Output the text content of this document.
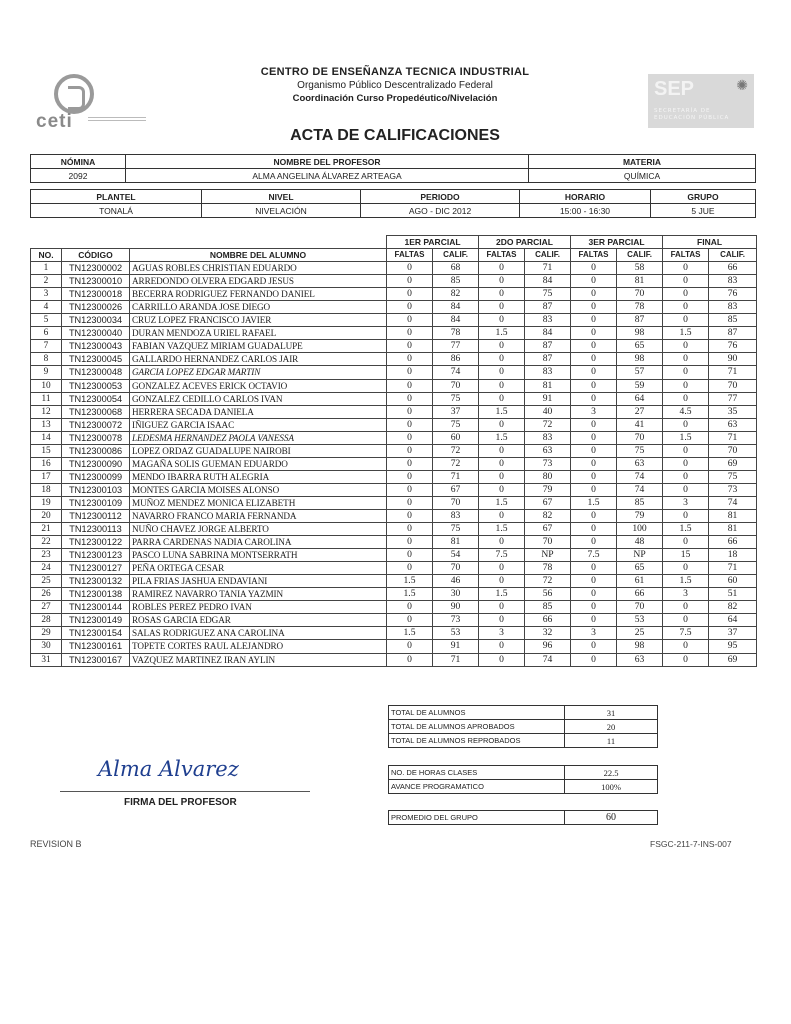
ceti
CENTRO DE ENSEÑANZA TECNICA INDUSTRIAL
Organismo Público Descentralizado Federal
Coordinación Curso Propedéutico/Nivelación	SEP	✺
SECRETARÍA DE EDUCACIÓN PÚBLICA
ACTA DE CALIFICACIONES
NÓMINA	NOMBRE DEL PROFESOR	MATERIA
2092	ALMA ANGELINA ÁLVAREZ ARTEAGA	QUÍMICA
PLANTEL	NIVEL	PERIODO	HORARIO	GRUPO
TONALÁ	NIVELACIÓN	AGO - DIC 2012	15:00 - 16:30	5 JUE
			1ER PARCIAL		2DO PARCIAL		3ER PARCIAL		FINAL	
NO.	CÓDIGO	NOMBRE DEL ALUMNO	FALTAS	CALIF.	FALTAS	CALIF.	FALTAS	CALIF.	FALTAS	CALIF.
1	TN12300002	AGUAS ROBLES CHRISTIAN EDUARDO	0	68	0	71	0	58	0	66
2	TN12300010	ARREDONDO OLVERA EDGARD JESUS	0	85	0	84	0	81	0	83
3	TN12300018	BECERRA RODRIGUEZ FERNANDO DANIEL	0	82	0	75	0	70	0	76
4	TN12300026	CARRILLO ARANDA JOSE DIEGO	0	84	0	87	0	78	0	83
5	TN12300034	CRUZ LOPEZ FRANCISCO JAVIER	0	84	0	83	0	87	0	85
6	TN12300040	DURAN MENDOZA URIEL RAFAEL	0	78	1.5	84	0	98	1.5	87
7	TN12300043	FABIAN VAZQUEZ MIRIAM GUADALUPE	0	77	0	87	0	65	0	76
8	TN12300045	GALLARDO HERNANDEZ CARLOS JAIR	0	86	0	87	0	98	0	90
9	TN12300048	GARCIA LOPEZ EDGAR MARTIN	0	74	0	83	0	57	0	71
10	TN12300053	GONZALEZ ACEVES ERICK OCTAVIO	0	70	0	81	0	59	0	70
11	TN12300054	GONZALEZ CEDILLO CARLOS IVAN	0	75	0	91	0	64	0	77
12	TN12300068	HERRERA SECADA DANIELA	0	37	1.5	40	3	27	4.5	35
13	TN12300072	IÑIGUEZ GARCIA ISAAC	0	75	0	72	0	41	0	63
14	TN12300078	LEDESMA HERNANDEZ PAOLA VANESSA	0	60	1.5	83	0	70	1.5	71
15	TN12300086	LOPEZ ORDAZ GUADALUPE NAIROBI	0	72	0	63	0	75	0	70
16	TN12300090	MAGAÑA SOLIS GUEMAN EDUARDO	0	72	0	73	0	63	0	69
17	TN12300099	MENDO IBARRA RUTH ALEGRIA	0	71	0	80	0	74	0	75
18	TN12300103	MONTES GARCIA MOISES ALONSO	0	67	0	79	0	74	0	73
19	TN12300109	MUÑOZ MENDEZ MONICA ELIZABETH	0	70	1.5	67	1.5	85	3	74
20	TN12300112	NAVARRO FRANCO MARIA FERNANDA	0	83	0	82	0	79	0	81
21	TN12300113	NUÑO CHAVEZ JORGE ALBERTO	0	75	1.5	67	0	100	1.5	81
22	TN12300122	PARRA CARDENAS NADIA CAROLINA	0	81	0	70	0	48	0	66
23	TN12300123	PASCO LUNA SABRINA MONTSERRATH	0	54	7.5	NP	7.5	NP	15	18
24	TN12300127	PEÑA ORTEGA CESAR	0	70	0	78	0	65	0	71
25	TN12300132	PILA FRIAS JASHUA ENDAVIANI	1.5	46	0	72	0	61	1.5	60
26	TN12300138	RAMIREZ NAVARRO TANIA YAZMIN	1.5	30	1.5	56	0	66	3	51
27	TN12300144	ROBLES PEREZ PEDRO IVAN	0	90	0	85	0	70	0	82
28	TN12300149	ROSAS GARCIA EDGAR	0	73	0	66	0	53	0	64
29	TN12300154	SALAS RODRIGUEZ ANA CAROLINA	1.5	53	3	32	3	25	7.5	37
30	TN12300161	TOPETE CORTES RAUL ALEJANDRO	0	91	0	96	0	98	0	95
31	TN12300167	VAZQUEZ MARTINEZ IRAN AYLIN	0	71	0	74	0	63	0	69
TOTAL DE ALUMNOS	31
TOTAL DE ALUMNOS APROBADOS	20
TOTAL DE ALUMNOS REPROBADOS	11
NO. DE HORAS CLASES	22.5
AVANCE PROGRAMATICO	100%
PROMEDIO DEL GRUPO	60
Alma Alvarez
FIRMA DEL PROFESOR
REVISION B	FSGC-211-7-INS-007
